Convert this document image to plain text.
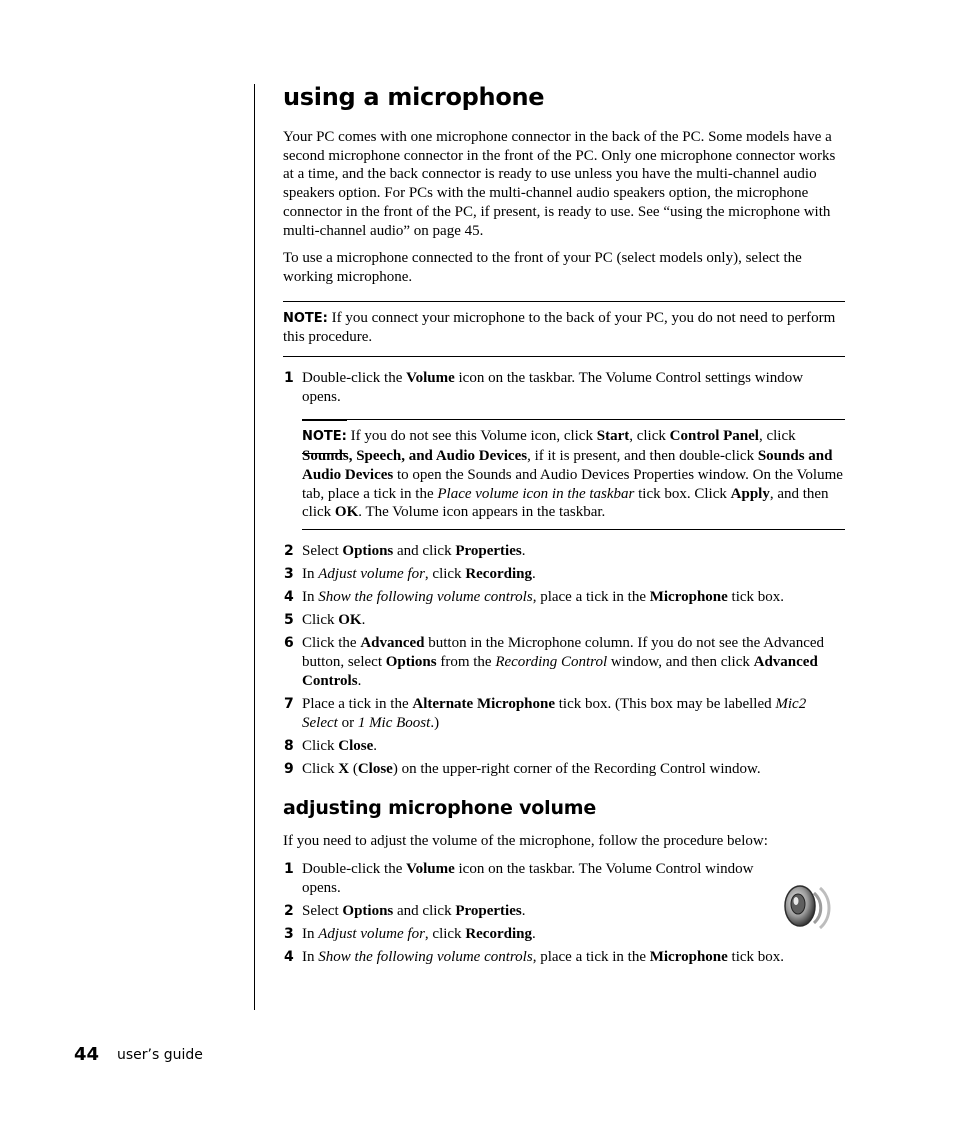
using a microphone

Your PC comes with one microphone connector in the back of the PC. Some models have a second microphone connector in the front of the PC. Only one microphone connector works at a time, and the back connector is ready to use unless you have the multi-channel audio speakers option. For PCs with the multi-channel audio speakers option, the microphone connector in the front of the PC, if present, is ready to use. See “using the microphone with multi-channel audio” on page 45.

To use a microphone connected to the front of your PC (select models only), select the working microphone.

NOTE: If you connect your microphone to the back of your PC, you do not need to perform this procedure.
1 Double-click the Volume icon on the taskbar. The Volume Control settings window opens.
NOTE: If you do not see this Volume icon, click Start, click Control Panel, click Sounds, Speech, and Audio Devices, if it is present, and then double-click Sounds and Audio Devices to open the Sounds and Audio Devices Properties window. On the Volume tab, place a tick in the Place volume icon in the taskbar tick box. Click Apply, and then click OK. The Volume icon appears in the taskbar.
2 Select Options and click Properties.
3 In Adjust volume for, click Recording.
4 In Show the following volume controls, place a tick in the Microphone tick box.
5 Click OK.
6 Click the Advanced button in the Microphone column. If you do not see the Advanced button, select Options from the Recording Control window, and then click Advanced Controls.
7 Place a tick in the Alternate Microphone tick box. (This box may be labelled Mic2 Select or 1 Mic Boost.)
8 Click Close.
9 Click X (Close) on the upper-right corner of the Recording Control window.
adjusting microphone volume

If you need to adjust the volume of the microphone, follow the procedure below:

1 Double-click the Volume icon on the taskbar. The Volume Control window opens.
2 Select Options and click Properties.
3 In Adjust volume for, click Recording.
4 In Show the following volume controls, place a tick in the Microphone tick box.
44 user’s guide
